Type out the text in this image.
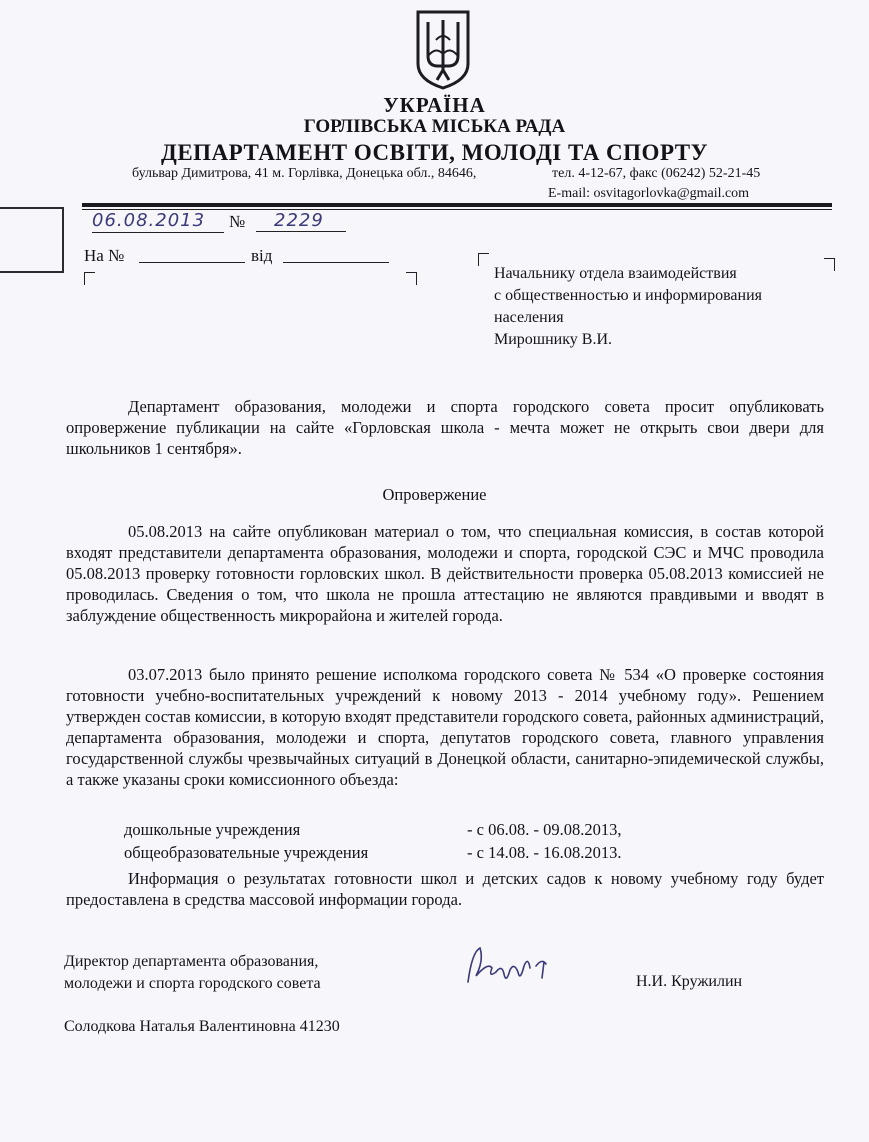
УКРАЇНА
ГОРЛІВСЬКА МІСЬКА РАДА
ДЕПАРТАМЕНТ ОСВІТИ, МОЛОДІ ТА СПОРТУ
бульвар Димитрова, 41 м. Горлівка, Донецька обл., 84646,	тел. 4-12-67, факс (06242) 52-21-45
E-mail: osvitagorlovka@gmail.com
06.08.2013	№	2229
На №	від
Начальнику отдела взаимодействия
с общественностью и информирования
населения
Мирошнику В.И.
Департамент образования, молодежи и спорта городского совета просит опубликовать опровержение публикации на сайте «Горловская школа - мечта может не открыть свои двери для школьников 1 сентября».
Опровержение
05.08.2013 на сайте опубликован материал о том, что специальная комиссия, в состав которой входят представители департамента образования, молодежи и спорта, городской СЭС и МЧС проводила 05.08.2013 проверку готовности горловских школ. В действительности проверка 05.08.2013 комиссией не проводилась. Сведения о том, что школа не прошла аттестацию не являются правдивыми и вводят в заблуждение общественность микрорайона и жителей города.
03.07.2013 было принято решение исполкома городского совета № 534 «О проверке состояния готовности учебно-воспитательных учреждений к новому 2013 - 2014 учебному году». Решением утвержден состав комиссии, в которую входят представители городского совета, районных администраций, департамента образования, молодежи и спорта, депутатов городского совета, главного управления государственной службы чрезвычайных ситуаций в Донецкой области, санитарно-эпидемической службы, а также указаны сроки комиссионного объезда:
дошкольные учреждения	- с 06.08. - 09.08.2013,
общеобразовательные учреждения	- с 14.08. - 16.08.2013.
Информация о результатах готовности школ и детских садов к новому учебному году будет предоставлена в средства массовой информации города.
Директор департамента образования,
молодежи и спорта городского совета	Н.И. Кружилин
Солодкова Наталья Валентиновна 41230
